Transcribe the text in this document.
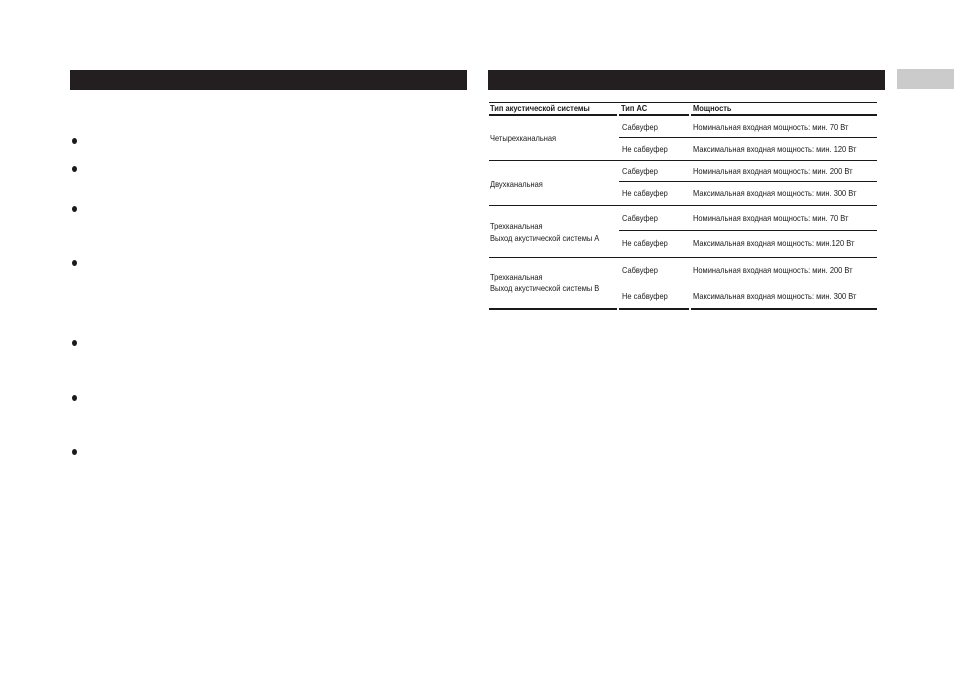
Тип акустической системы	Тип АС	Мощность
Четырехканальная
Сабвуфер	Номинальная входная мощность: мин. 70 Вт
Не сабвуфер	Максимальная входная мощность: мин. 120 Вт
Двухканальная
Сабвуфер	Номинальная входная мощность: мин. 200 Вт
Не сабвуфер	Максимальная входная мощность: мин. 300 Вт
Трехканальная
Выход акустической системы A
Сабвуфер	Номинальная входная мощность: мин. 70 Вт
Не сабвуфер	Максимальная входная мощность: мин.120 Вт
Трехканальная
Выход акустической системы B
Сабвуфер	Номинальная входная мощность: мин. 200 Вт
Не сабвуфер	Максимальная входная мощность: мин. 300 Вт
